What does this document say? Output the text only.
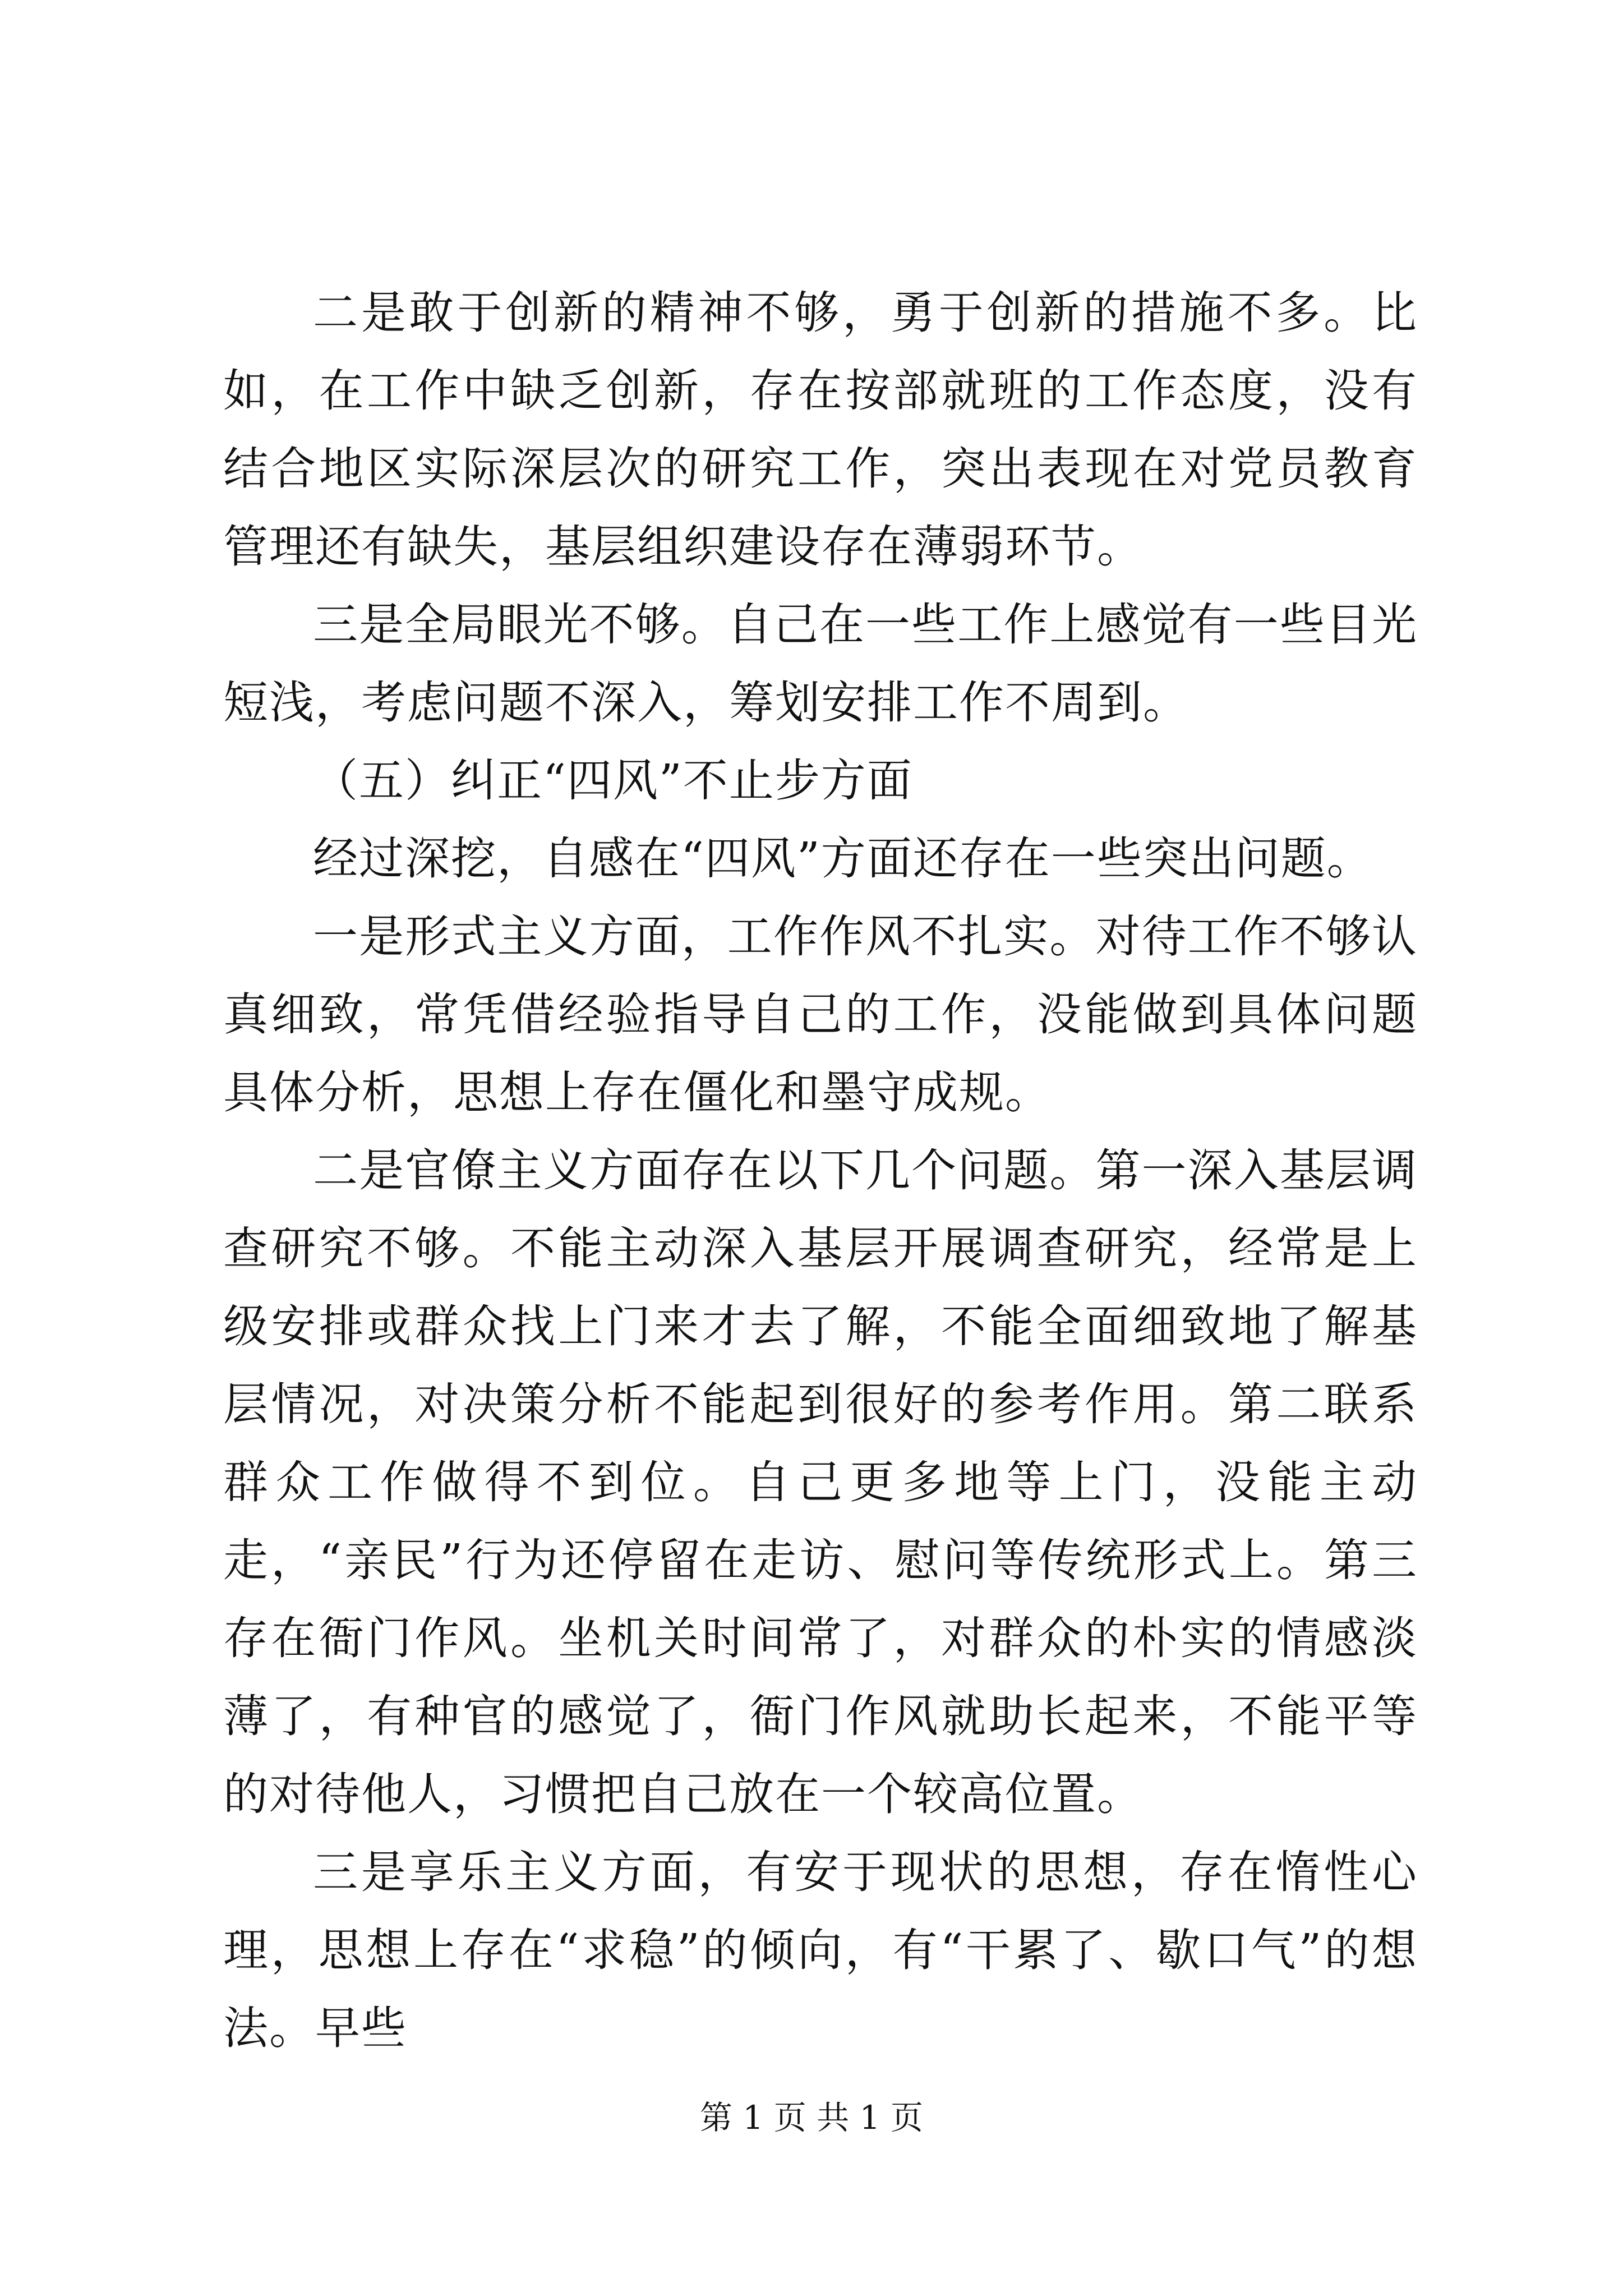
二是敢于创新的精神不够，勇于创新的措施不多。比如，在工作中缺乏创新，存在按部就班的工作态度，没有结合地区实际深层次的研究工作，突出表现在对党员教育管理还有缺失，基层组织建设存在薄弱环节。

三是全局眼光不够。自己在一些工作上感觉有一些目光短浅，考虑问题不深入，筹划安排工作不周到。

（五）纠正“四风”不止步方面

经过深挖，自感在“四风”方面还存在一些突出问题。

一是形式主义方面，工作作风不扎实。对待工作不够认真细致，常凭借经验指导自己的工作，没能做到具体问题具体分析，思想上存在僵化和墨守成规。

二是官僚主义方面存在以下几个问题。第一深入基层调查研究不够。不能主动深入基层开展调查研究，经常是上级安排或群众找上门来才去了解，不能全面细致地了解基层情况，对决策分析不能起到很好的参考作用。第二联系群众工作做得不到位。自己更多地等上门，没能主动走，“亲民”行为还停留在走访、慰问等传统形式上。第三存在衙门作风。坐机关时间常了，对群众的朴实的情感淡薄了，有种官的感觉了，衙门作风就助长起来，不能平等的对待他人，习惯把自己放在一个较高位置。

三是享乐主义方面，有安于现状的思想，存在惰性心理，思想上存在“求稳”的倾向，有“干累了、歇口气”的想法。早些

第 1 页 共 1 页
